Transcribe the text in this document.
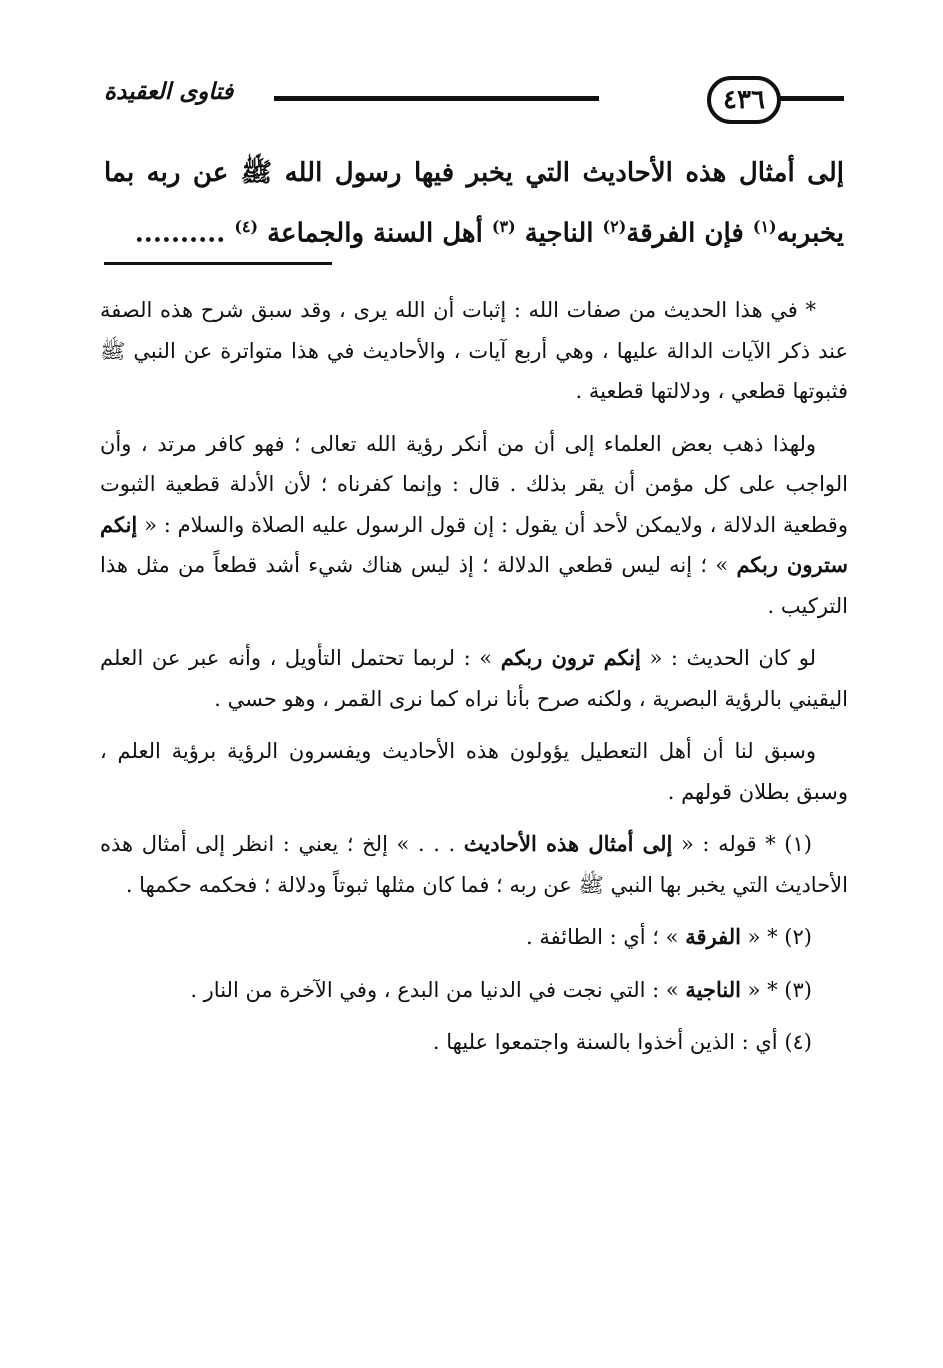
فتاوى العقيدة	٤٣٦
إلى أمثال هذه الأحاديث التي يخبر فيها رسول الله ﷺ عن ربه بما يخبربه$^{(١)}$ فإن الفرقة$^{(٢)}$ الناجية $^{(٣)}$ أهل السنة والجماعة $^{(٤)}$ ..........

* في هذا الحديث من صفات الله : إثبات أن الله يرى ، وقد سبق شرح هذه الصفة عند ذكر الآيات الدالة عليها ، وهي أربع آيات ، والأحاديث في هذا متواترة عن النبي ﷺ فثبوتها قطعي ، ودلالتها قطعية .

ولهذا ذهب بعض العلماء إلى أن من أنكر رؤية الله تعالى ؛ فهو كافر مرتد ، وأن الواجب على كل مؤمن أن يقر بذلك . قال : وإنما كفرناه ؛ لأن الأدلة قطعية الثبوت وقطعية الدلالة ، ولايمكن لأحد أن يقول : إن قول الرسول عليه الصلاة والسلام : « إنكم سترون ربكم » ؛ إنه ليس قطعي الدلالة ؛ إذ ليس هناك شيء أشد قطعاً من مثل هذا التركيب .

لو كان الحديث : « إنكم ترون ربكم » : لربما تحتمل التأويل ، وأنه عبر عن العلم اليقيني بالرؤية البصرية ، ولكنه صرح بأنا نراه كما نرى القمر ، وهو حسي .

وسبق لنا أن أهل التعطيل يؤولون هذه الأحاديث ويفسرون الرؤية برؤية العلم ، وسبق بطلان قولهم .

(١) * قوله : « إلى أمثال هذه الأحاديث . . . » إلخ ؛ يعني : انظر إلى أمثال هذه الأحاديث التي يخبر بها النبي ﷺ عن ربه ؛ فما كان مثلها ثبوتاً ودلالة ؛ فحكمه حكمها .

(٢) * « الفرقة » ؛ أي : الطائفة .

(٣) * « الناجية » : التي نجت في الدنيا من البدع ، وفي الآخرة من النار .

(٤) أي : الذين أخذوا بالسنة واجتمعوا عليها .
